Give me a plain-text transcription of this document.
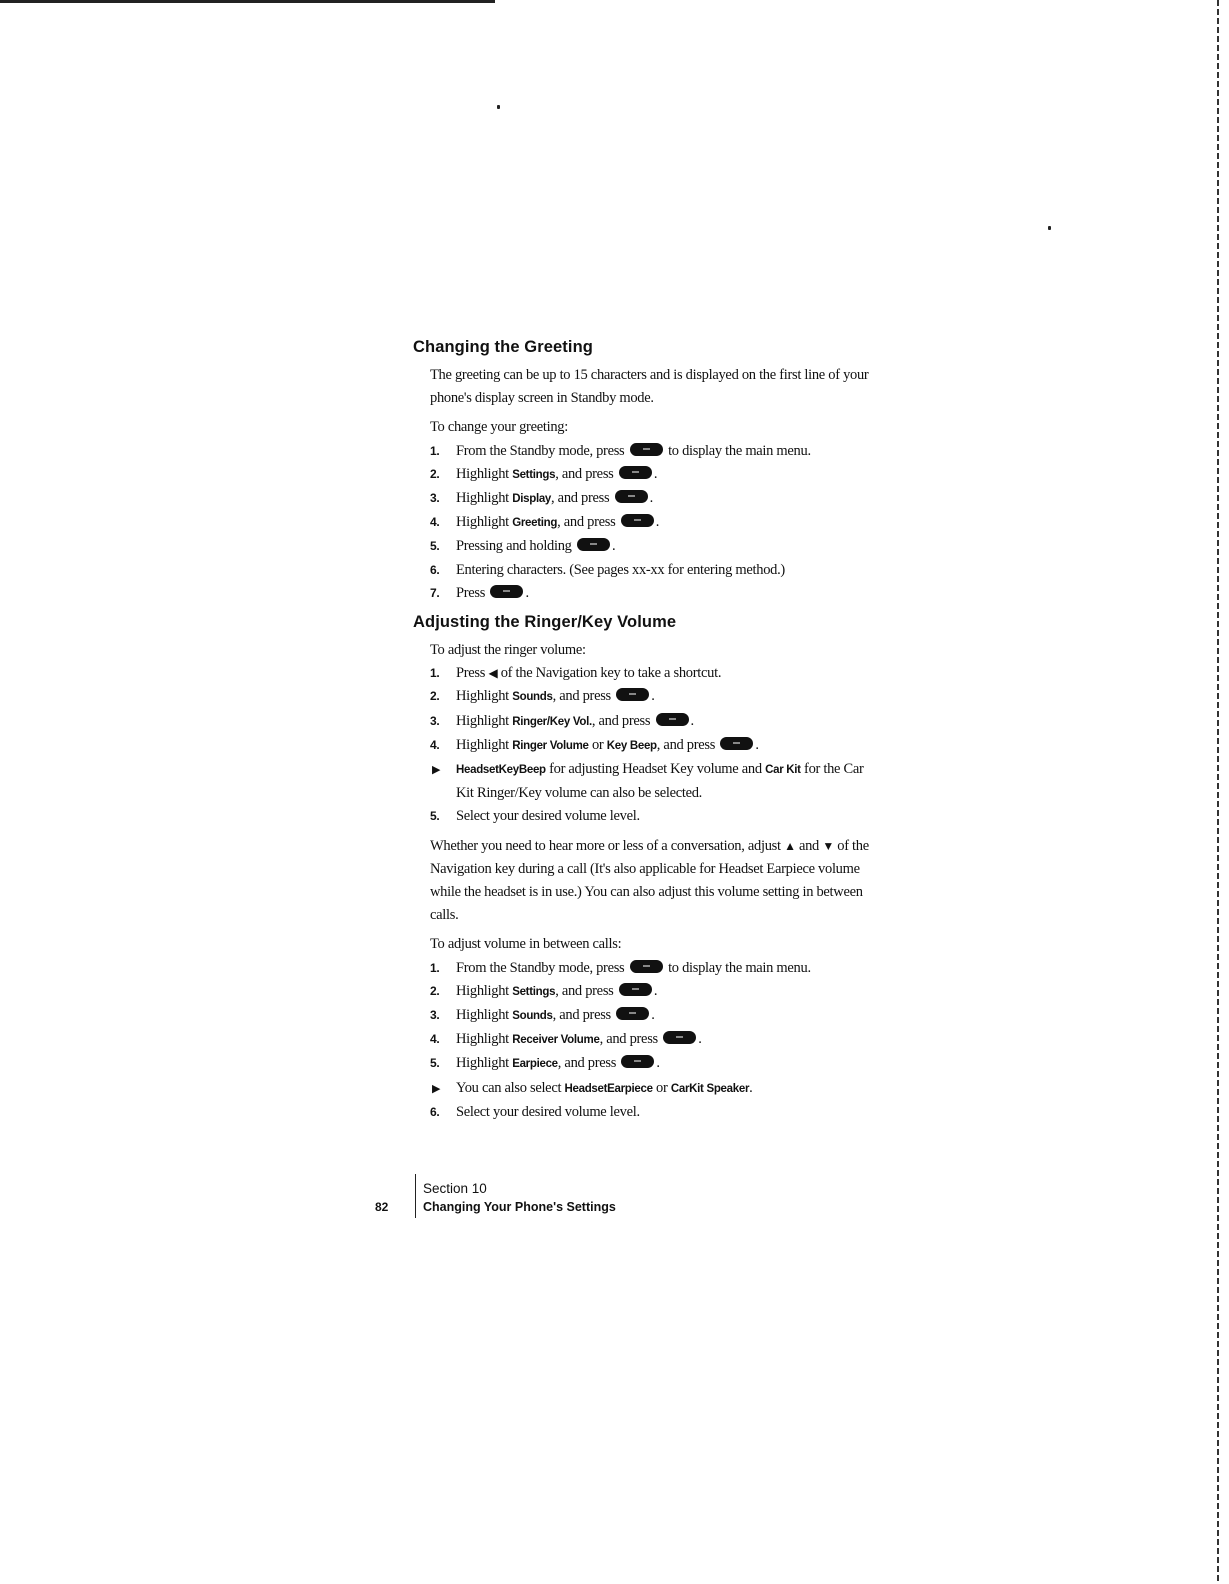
Changing the Greeting

The greeting can be up to 15 characters and is displayed on the first line of your phone's display screen in Standby mode.

To change your greeting:

1. From the Standby mode, press	to display the main menu.
2. Highlight Settings, and press	.
3. Highlight Display, and press	.
4. Highlight Greeting, and press	.
5. Pressing and holding	.
6. Entering characters. (See pages xx-xx for entering method.)
7. Press	.
Adjusting the Ringer/Key Volume

To adjust the ringer volume:

1. Press ◀ of the Navigation key to take a shortcut.
2. Highlight Sounds, and press	.
3. Highlight Ringer/Key Vol., and press	.
4. Highlight Ringer Volume or Key Beep, and press	.
▶ HeadsetKeyBeep for adjusting Headset Key volume and Car Kit for the Car Kit Ringer/Key volume can also be selected.
5. Select your desired volume level.

Whether you need to hear more or less of a conversation, adjust ▲ and ▼ of the Navigation key during a call (It's also applicable for Headset Earpiece volume while the headset is in use.) You can also adjust this volume setting in between calls.

To adjust volume in between calls:

1. From the Standby mode, press	to display the main menu.
2. Highlight Settings, and press	.
3. Highlight Sounds, and press	.
4. Highlight Receiver Volume, and press	.
5. Highlight Earpiece, and press	.
▶ You can also select HeadsetEarpiece or CarKit Speaker.
6. Select your desired volume level.
82
Section 10
Changing Your Phone's Settings
